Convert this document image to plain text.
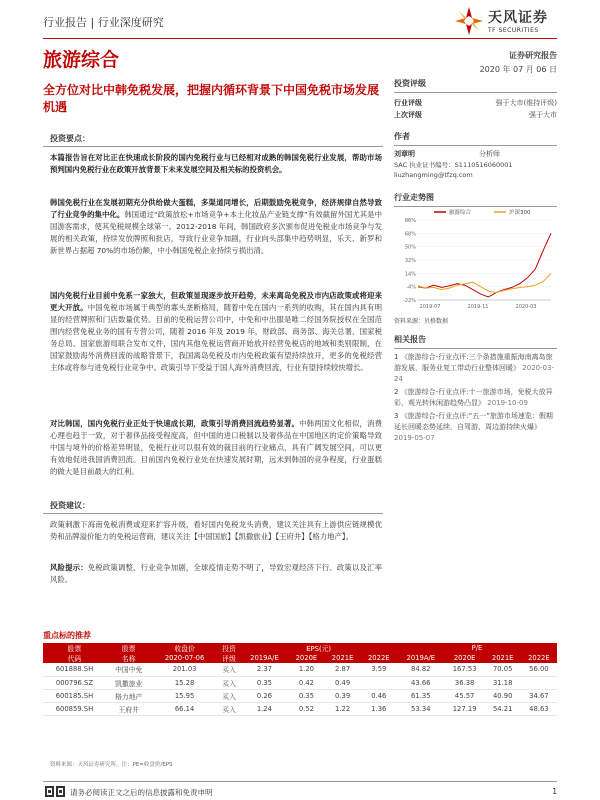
行业报告 | 行业深度研究	天风证券
TF SECURITIES
旅游综合	证券研究报告
2020 年 07 月 06 日
全方位对比中韩免税发展，把握内循环背景下中国免税市场发展机遇
投资要点：
本篇报告旨在对比正在快速成长阶段的国内免税行业与已经相对成熟的韩国免税行业发展，帮助市场预判国内免税行业在政策开放背景下未来发展空间及相关标的投资机会。
韩国免税行业在发展初期充分供给做大蛋糕，多渠道同增长，后期鼓励免税竞争，经济规律自然导致了行业竞争的集中化。韩国通过“政策放松+市场竞争+本土化妆品产业链支撑”有效截留外国尤其是中国游客需求，使其免税规模全球第一。2012-2018 年间，韩国政府多次颁布促进免税业市场竞争与发展的相关政策，持续发放牌照和批店，导致行业竞争加剧，行业向头部集中趋势明显，乐天、新罗和新世界占据超 70%的市场份额，中小韩国免税企业持续亏损出清。
国内免税行业目前中免系一家独大，但政策显现逐步放开趋势，未来离岛免税及市内店政策或将迎来更大开放。中国免税市场属于典型的寡头垄断格局，随着中免在国内一系列的收购，其在国内具有明显的经营牌照和门店数量优势。目前的免税运营公司中，中免和中出服是唯二经国务院授权在全国范围内经营免税业务的国有专营公司，随着 2016 年及 2019 年，财政部、商务部、海关总署、国家税务总局、国家旅游局联合发布文件，国内其他免税运营商开始放开经营免税店的地域和类别限制，在国家鼓励海外消费回流的战略背景下，我国离岛免税及市内免税政策有望持续放开，更多的免税经营主体或将参与进免税行业竞争中。政策引导下受益于国人海外消费回流，行业有望持续较快增长。
对比韩国，国内免税行业正处于快速成长期，政策引导消费回流趋势显著。中韩两国文化相似，消费心理也趋于一致，对于奢侈品接受程度高，但中国的进口税制以及奢侈品在中国地区的定价策略导致中国与境外的价格差异明显，免税行业可以很有效的裁目前的行业痛点，具有广阔发展空间，可以更有效地促进我国消费回流。目前国内免税行业处在快速发展时期，远未到韩国的竞争程度，行业蛋糕的做大是目前最大的红利。
投资建议：
政策刺激下海南免税消费或迎来扩容升级，看好国内免税龙头消费，建议关注具有上游供应链规模优势和品牌溢价能力的免税运营商，建议关注【中国国旅】【凯撒旅业】【王府井】【格力地产】。
风险提示：免税政策调整、行业竞争加剧，全球疫情走势不明了，导致宏观经济下行、政策以及汇率风险。
投资评级
行业评级	强于大市(维持评级)
上次评级	强于大市
作者
刘章明	分析师
SAC 执业证书编号：S1110516060001
liuzhangming@tfzq.com
行业走势图
-22%
-4%
14%
32%
50%
68%
86%
2019-07	2019-11	2020-03
旅游综合	沪深300
资料来源：贝格数据
相关报告
1 《旅游综合-行业点评:三个条措施重振海南离岛旅游发展，服务业复工带动行业整体回暖》 2020-03-24
2 《旅游综合-行业点评:十一旅游市场，免税大放异彩，观光转休闲游趋势凸显》 2019-10-09
3 《旅游综合-行业点评:“五一”旅游市场速览：假期延长回暖态势延续，自驾游、周边游持续火爆》 2019-05-07
重点标的推荐
股票	股票	收盘价	投资	EPS(元)				P/E			
代码	名称	2020-07-06	评级	2019A/E	2020E	2021E	2022E	2019A/E	2020E	2021E	2022E
601888.SH	中国中免	201.03	买入	2.37	1.20	2.87	3.59	84.82	167.53	70.05	56.00
000796.SZ	凯撒旅业	15.28	买入	0.35	0.42	0.49		43.66	36.38	31.18	
600185.SH	格力地产	15.95	买入	0.26	0.35	0.39	0.46	61.35	45.57	40.90	34.67
600859.SH	王府井	66.14	买入	1.24	0.52	1.22	1.36	53.34	127.19	54.21	48.63
资料来源：天风证券研究所，注：PE=收盘价/EPS
请务必阅读正文之后的信息披露和免责申明	1
